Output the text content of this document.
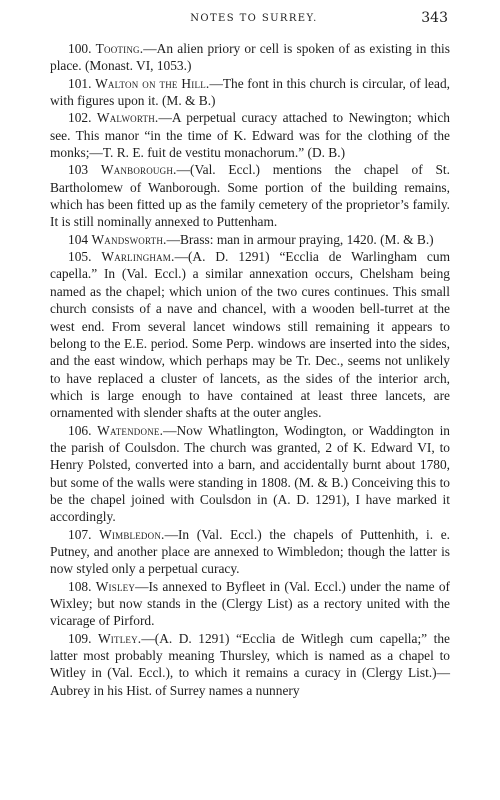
NOTES TO SURREY.	343

100. Tooting.—An alien priory or cell is spoken of as existing in this place. (Monast. VI, 1053.)

101. Walton on the Hill.—The font in this church is circular, of lead, with figures upon it. (M. & B.)

102. Walworth.—A perpetual curacy attached to Newington; which see. This manor “in the time of K. Edward was for the clothing of the monks;—T. R. E. fuit de vestitu monachorum.” (D. B.)

103 Wanborough.—(Val. Eccl.) mentions the chapel of St. Bartholomew of Wanborough. Some portion of the building remains, which has been fitted up as the family cemetery of the proprietor’s family. It is still nominally annexed to Puttenham.

104 Wandsworth.—Brass: man in armour praying, 1420. (M. & B.)

105. Warlingham.—(A. D. 1291) “Ecclia de Warlingham cum capella.” In (Val. Eccl.) a similar annexation occurs, Chelsham being named as the chapel; which union of the two cures continues. This small church consists of a nave and chancel, with a wooden bell-turret at the west end. From several lancet windows still remaining it appears to belong to the E.E. period. Some Perp. windows are inserted into the sides, and the east window, which perhaps may be Tr. Dec., seems not unlikely to have replaced a cluster of lancets, as the sides of the interior arch, which is large enough to have contained at least three lancets, are ornamented with slender shafts at the outer angles.

106. Watendone.—Now Whatlington, Wodington, or Waddington in the parish of Coulsdon. The church was granted, 2 of K. Edward VI, to Henry Polsted, converted into a barn, and accidentally burnt about 1780, but some of the walls were standing in 1808. (M. & B.) Conceiving this to be the chapel joined with Coulsdon in (A. D. 1291), I have marked it accordingly.

107. Wimbledon.—In (Val. Eccl.) the chapels of Puttenhith, i. e. Putney, and another place are annexed to Wimbledon; though the latter is now styled only a perpetual curacy.

108. Wisley—Is annexed to Byfleet in (Val. Eccl.) under the name of Wixley; but now stands in the (Clergy List) as a rectory united with the vicarage of Pirford.

109. Witley.—(A. D. 1291) “Ecclia de Witlegh cum capella;” the latter most probably meaning Thursley, which is named as a chapel to Witley in (Val. Eccl.), to which it remains a curacy in (Clergy List.)—Aubrey in his Hist. of Surrey names a nunnery
